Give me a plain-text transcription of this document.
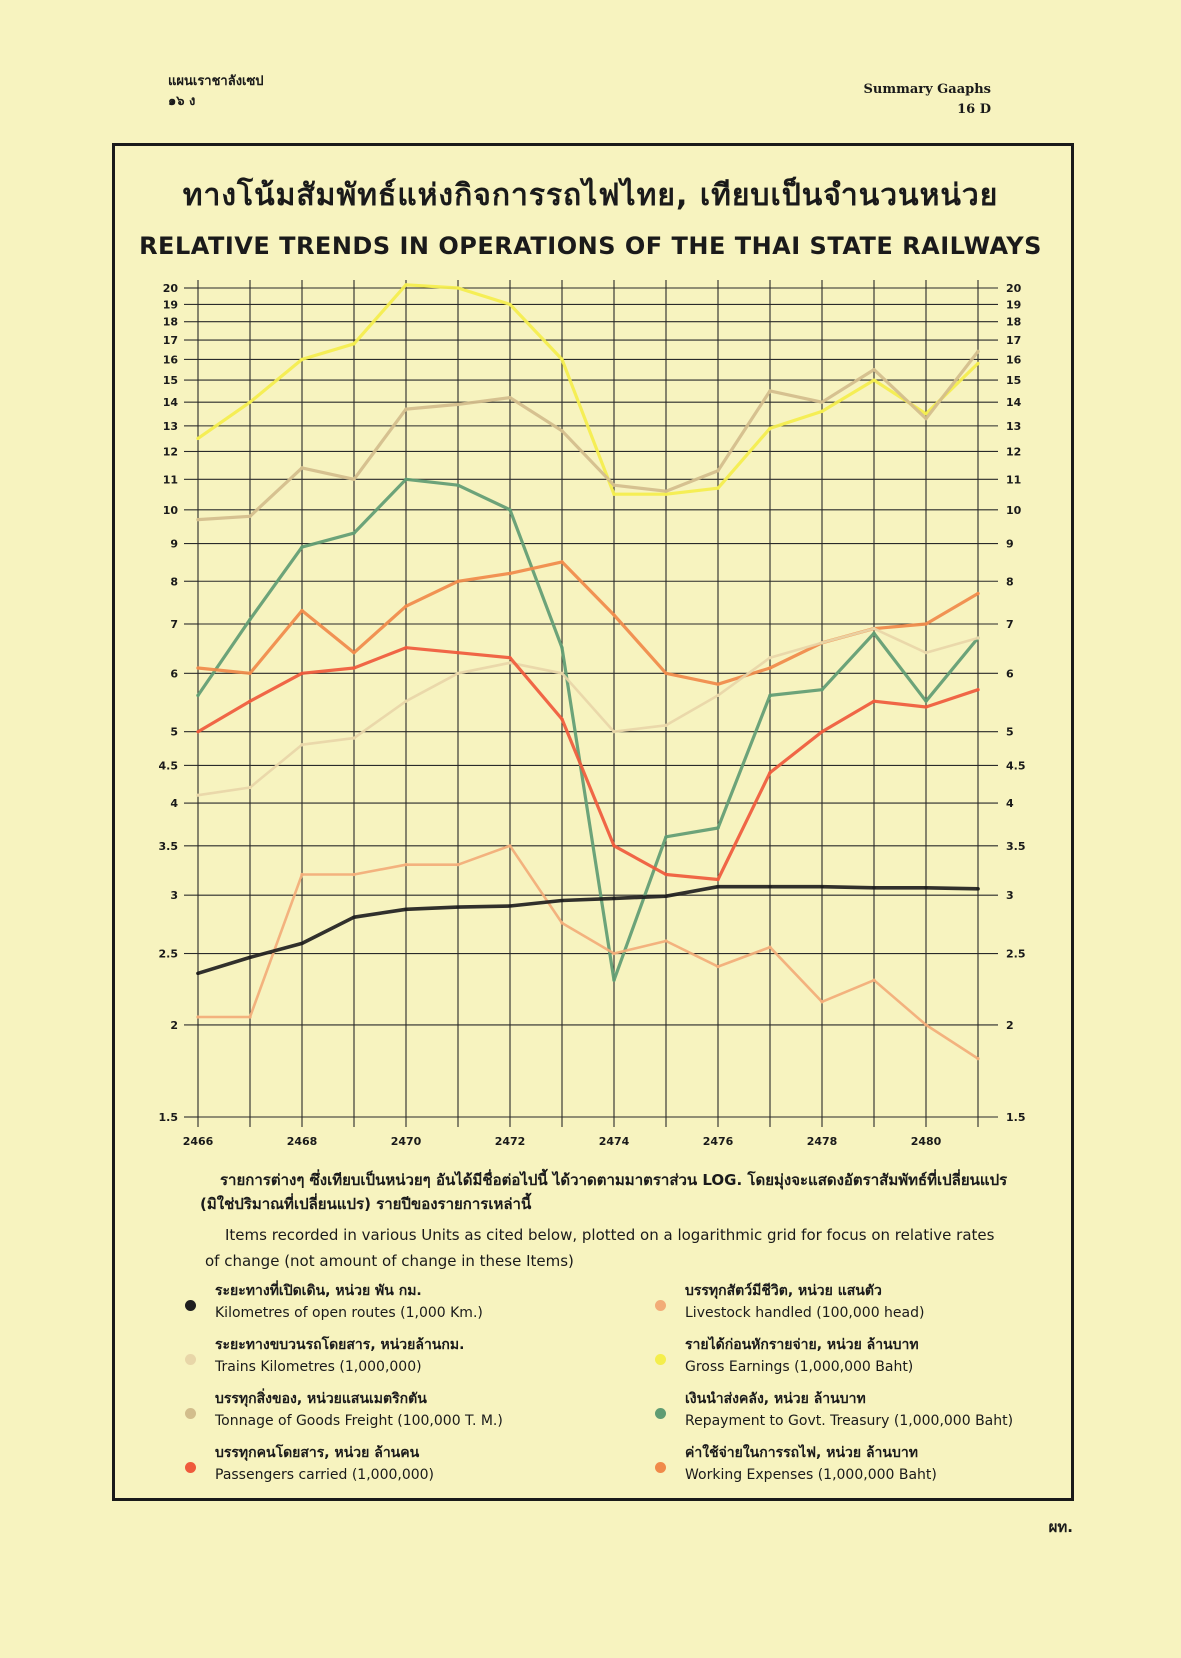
แผนเราชาลังเซป
๑๖ ง
Summary Gaaphs
16 D
ทางโน้มสัมพัทธ์แห่งกิจการรถไฟไทย, เทียบเป็นจำนวนหน่วย
RELATIVE TRENDS IN OPERATIONS OF THE THAI STATE RAILWAYS
20	20
19	19
18	18
17	17
16	16
15	15
14	14
13	13
12	12
11	11
10	10
9	9
8	8
7	7
6	6
5	5
4.5	4.5
4	4
3.5	3.5
3	3
2.5	2.5
2	2
1.5	1.5
2466	2468	2470	2472	2474	2476	2478	2480
รายการต่างๆ ซึ่งเทียบเป็นหน่วยๆ อันได้มีชื่อต่อไปนี้ ได้วาดตามมาตราส่วน LOG. โดยมุ่งจะแสดงอัตราสัมพัทธ์ที่เปลี่ยนแปร (มิใช่ปริมาณที่เปลี่ยนแปร) รายปีของรายการเหล่านี้
Items recorded in various Units as cited below, plotted on a logarithmic grid for focus on relative rates of change (not amount of change in these Items)
ระยะทางที่เปิดเดิน, หน่วย พัน กม.
Kilometres of open routes (1,000 Km.)
ระยะทางขบวนรถโดยสาร, หน่วยล้านกม.
Trains Kilometres (1,000,000)
บรรทุกสิ่งของ, หน่วยแสนเมตริกตัน
Tonnage of Goods Freight (100,000 T. M.)
บรรทุกคนโดยสาร, หน่วย ล้านคน
Passengers carried (1,000,000)
บรรทุกสัตว์มีชีวิต, หน่วย แสนตัว
Livestock handled (100,000 head)
รายได้ก่อนหักรายจ่าย, หน่วย ล้านบาท
Gross Earnings (1,000,000 Baht)
เงินนำส่งคลัง, หน่วย ล้านบาท
Repayment to Govt. Treasury (1,000,000 Baht)
ค่าใช้จ่ายในการรถไฟ, หน่วย ล้านบาท
Working Expenses (1,000,000 Baht)
ผท.
